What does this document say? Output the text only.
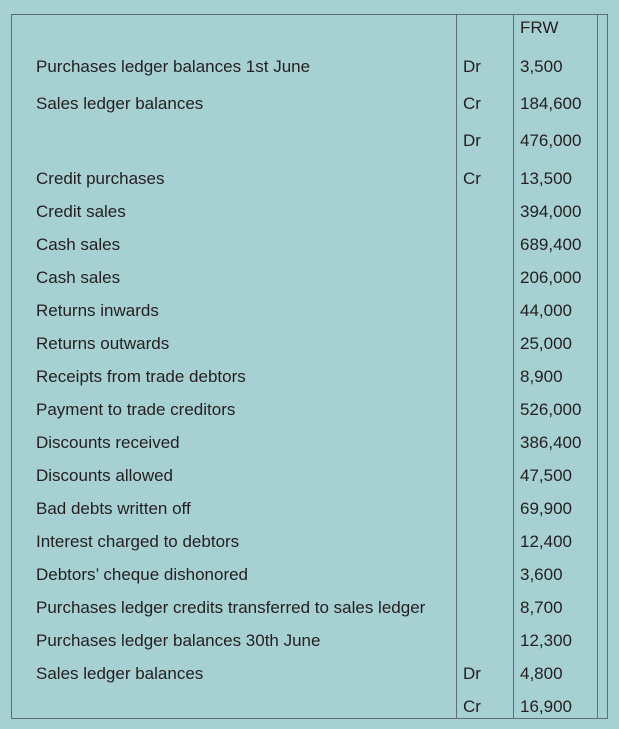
FRW
Purchases ledger balances 1st June	Dr 3,500
Sales ledger balances	Cr 184,600
Dr 476,000
Credit purchases	Cr 13,500
Credit sales	394,000
Cash sales	689,400
Cash sales	206,000
Returns inwards	44,000
Returns outwards	25,000
Receipts from trade debtors	8,900
Payment to trade creditors	526,000
Discounts received	386,400
Discounts allowed	47,500
Bad debts written off	69,900
Interest charged to debtors	12,400
Debtors’ cheque dishonored	3,600
Purchases ledger credits transferred to sales ledger	8,700
Purchases ledger balances 30th June	12,300
Sales ledger balances	Dr 4,800
Cr 16,900
